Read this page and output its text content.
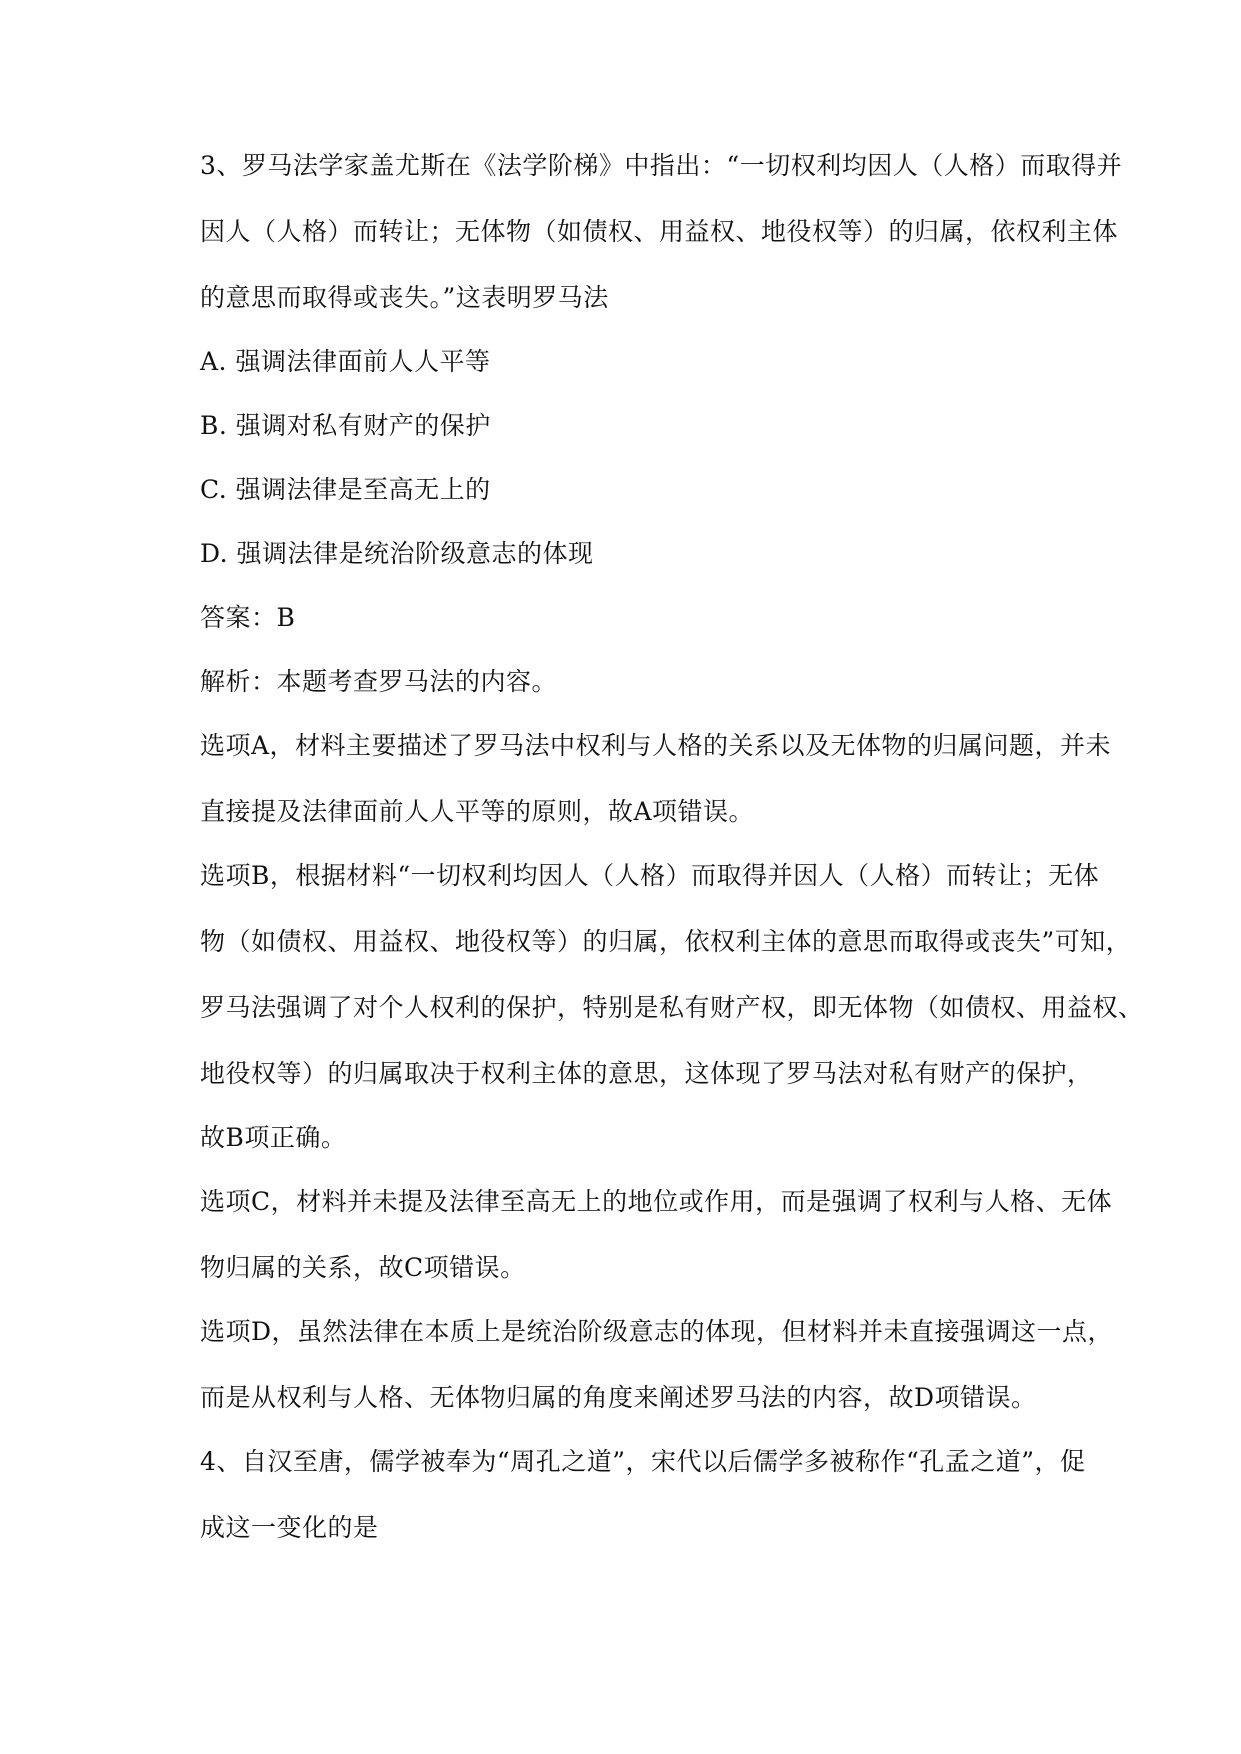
3、罗马法学家盖尤斯在《法学阶梯》中指出：“一切权利均因人（人格）而取得并
因人（人格）而转让；无体物（如债权、用益权、地役权等）的归属，依权利主体
的意思而取得或丧失。”这表明罗马法
A. 强调法律面前人人平等
B. 强调对私有财产的保护
C. 强调法律是至高无上的
D. 强调法律是统治阶级意志的体现
答案：B
解析：本题考查罗马法的内容。
选项A，材料主要描述了罗马法中权利与人格的关系以及无体物的归属问题，并未
直接提及法律面前人人平等的原则，故A项错误。
选项B，根据材料“一切权利均因人（人格）而取得并因人（人格）而转让；无体
物（如债权、用益权、地役权等）的归属，依权利主体的意思而取得或丧失”可知，
罗马法强调了对个人权利的保护，特别是私有财产权，即无体物（如债权、用益权、
地役权等）的归属取决于权利主体的意思，这体现了罗马法对私有财产的保护，
故B项正确。
选项C，材料并未提及法律至高无上的地位或作用，而是强调了权利与人格、无体
物归属的关系，故C项错误。
选项D，虽然法律在本质上是统治阶级意志的体现，但材料并未直接强调这一点，
而是从权利与人格、无体物归属的角度来阐述罗马法的内容，故D项错误。
4、自汉至唐，儒学被奉为“周孔之道”，宋代以后儒学多被称作“孔孟之道”，促
成这一变化的是
